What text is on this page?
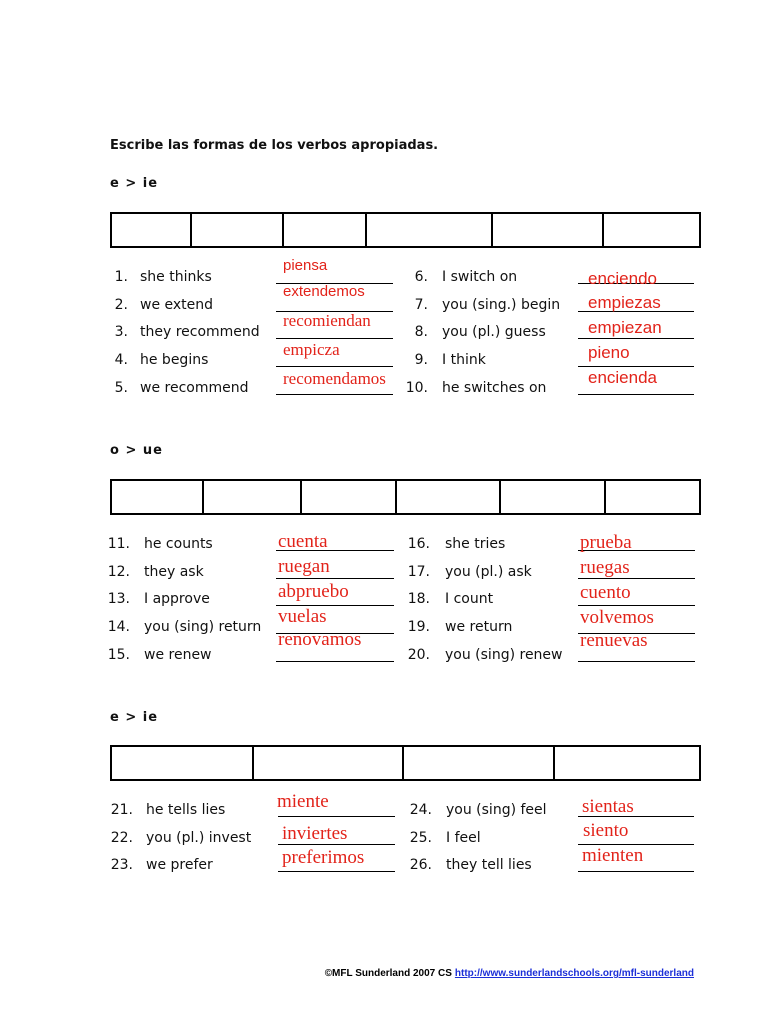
Escribe las formas de los verbos apropiadas.
e > ie
1. she thinks
piensa
2. we extend
extendemos
3. they recommend
recomiendan
4. he begins
empicza
5. we recommend recomendamos
6. I switch on	enciendo
7. you (sing.) begin empiezas
8. you (pl.) guess empiezan
9. I think	pieno
10. he switches on
encienda
o > ue
11. he counts	cuenta
12. they ask	ruegan
13. I approve	abpruebo
14. you (sing) return vuelas
15. we renew
renovamos
16. she tries	prueba
17. you (pl.) ask	ruegas
18. I count	cuento
19. we return	volvemos
20. you (sing) renew
renuevas
e > ie
21. he tells lies	miente
22. you (pl.) invest inviertes
23. we prefer	preferimos
24. you (sing) feel sientas
25. I feel	siento
26. they tell lies	mienten
©MFL Sunderland 2007 CS http://www.sunderlandschools.org/mfl-sunderland
